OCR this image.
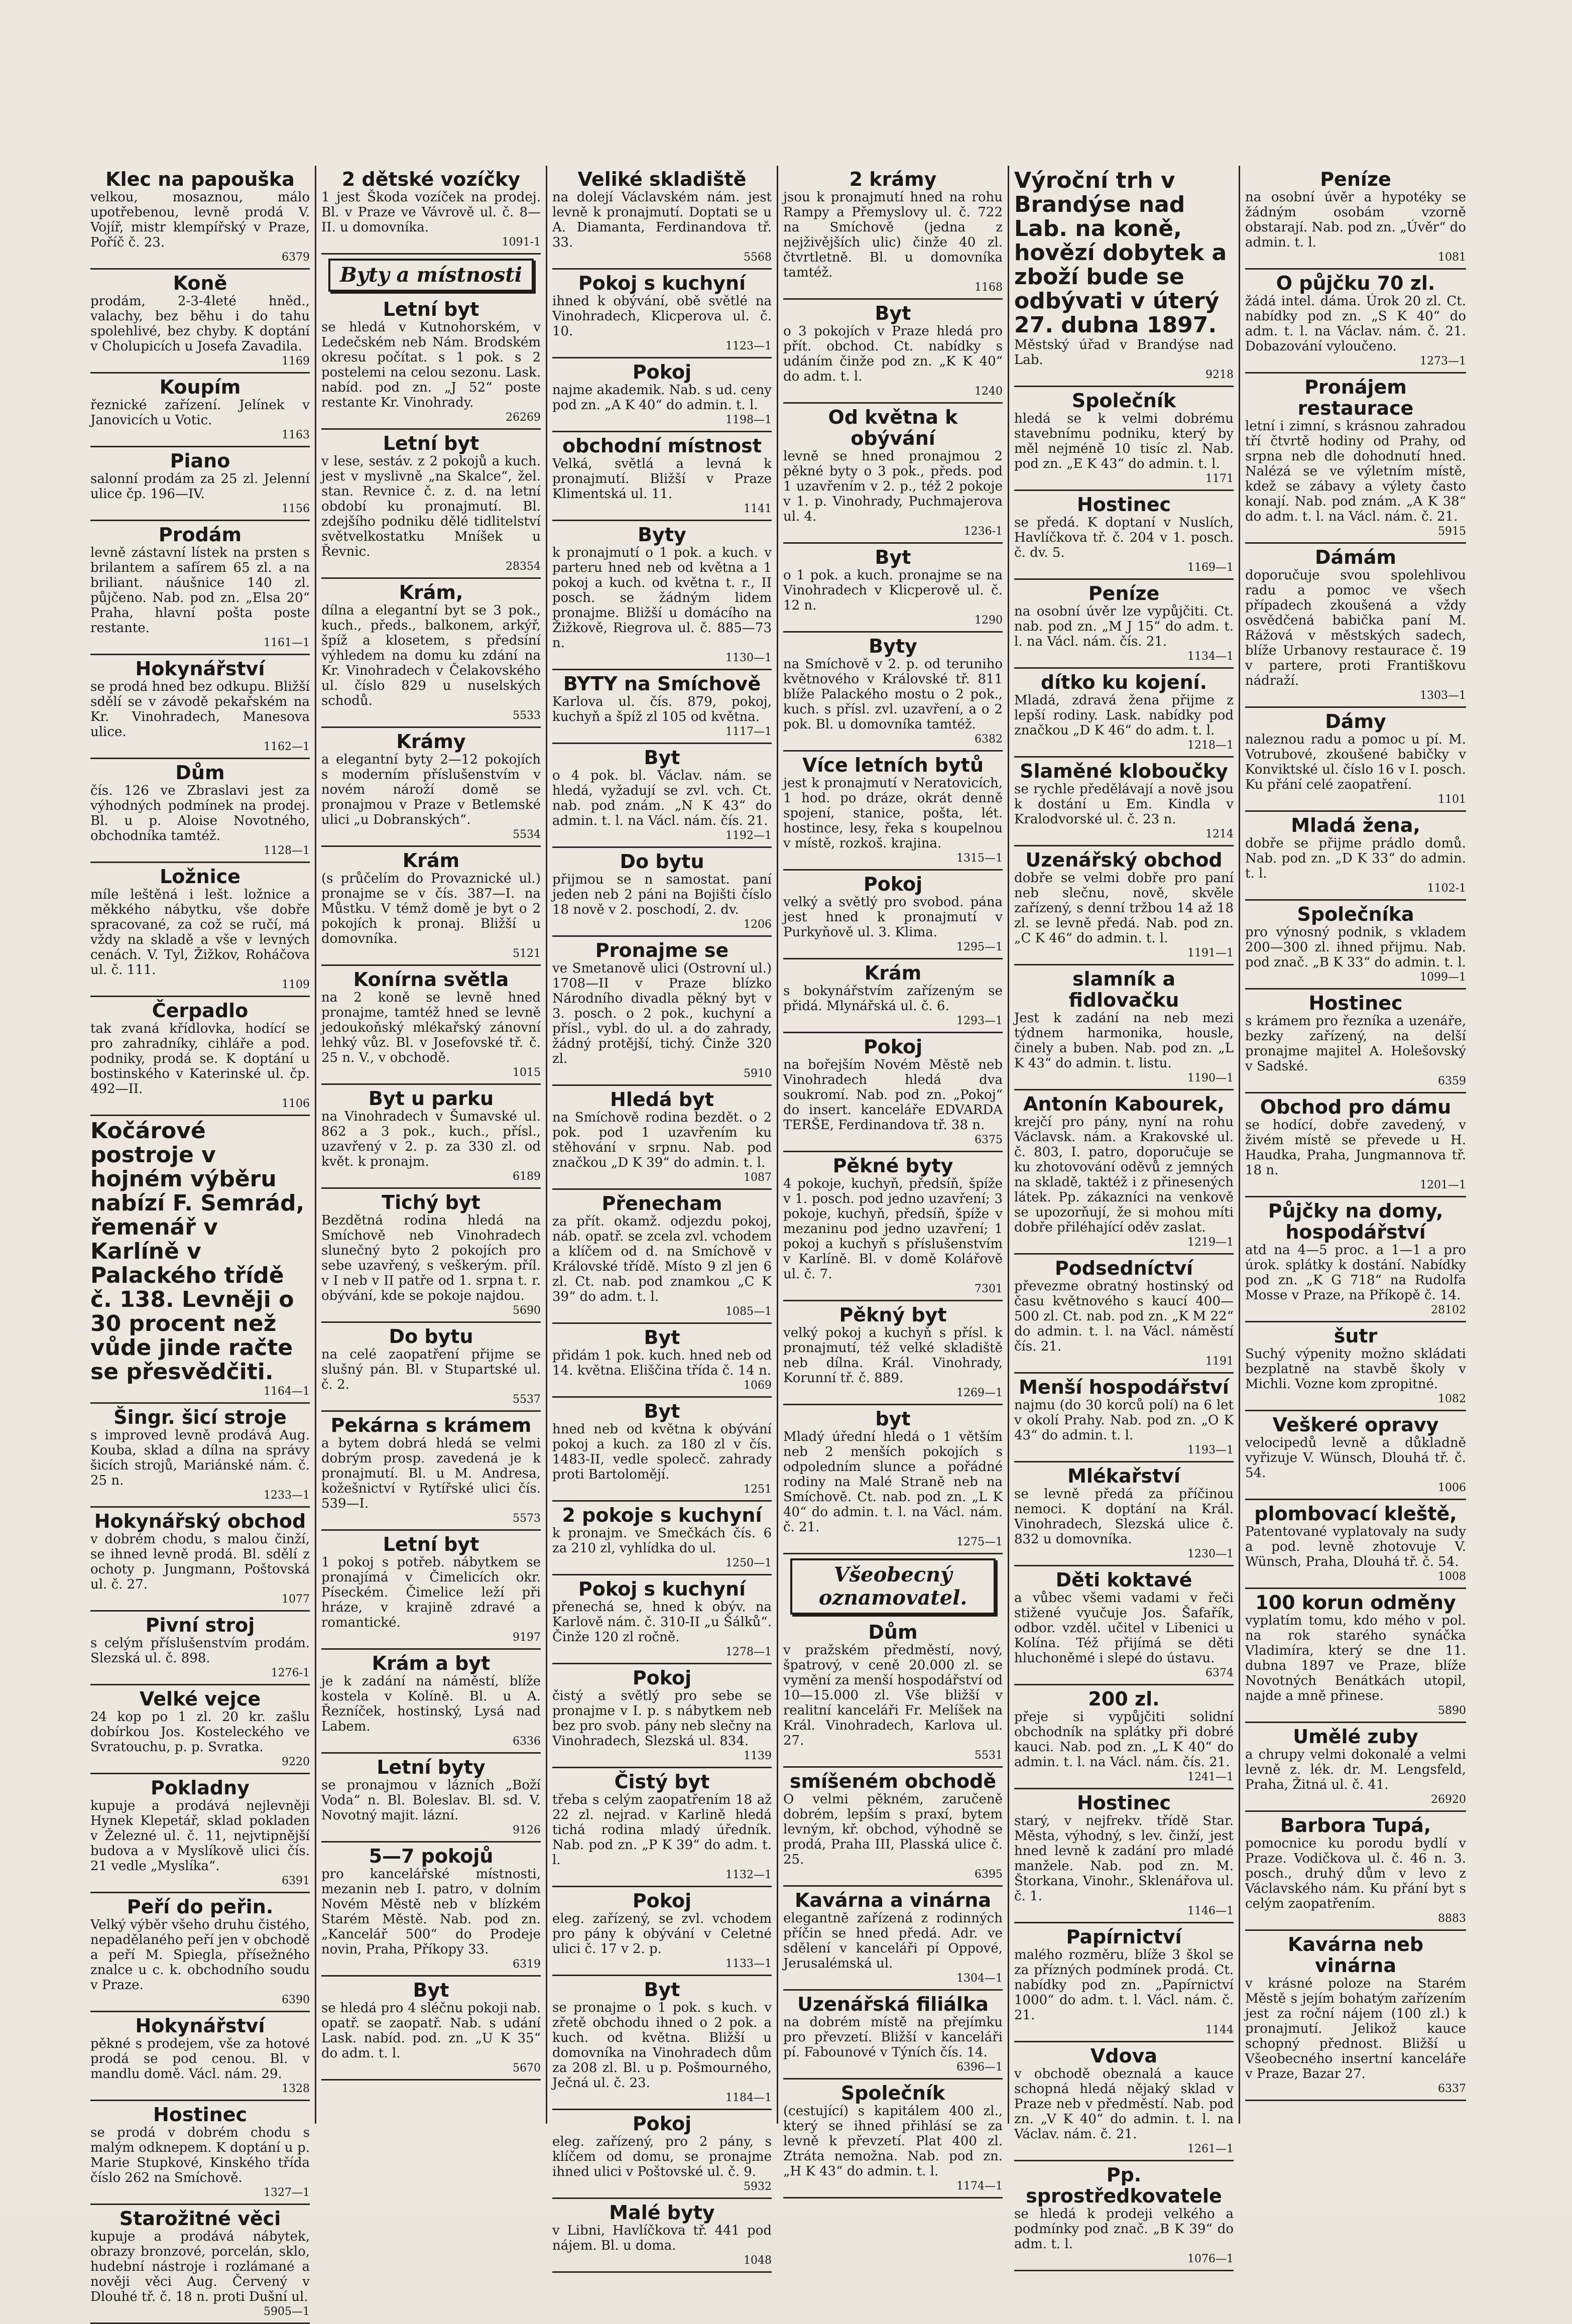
Klec na papouška

velkou, mosaznou, málo upotřebenou, levně prodá V. Vojíř, mistr klempířský v Praze, Poříč č. 23.

6379
Koně

prodám, 2-3-4leté hněd., valachy, bez běhu i do tahu spolehlivé, bez chyby. K doptání v Cholupicích u Josefa Zavadila.

1169
Koupím

řeznické zařízení. Jelínek v Janovicích u Votic.

1163
Piano

salonní prodám za 25 zl. Jelenní ulice čp. 196—IV.

1156
Prodám

levně zástavní lístek na prsten s brilantem a safírem 65 zl. a na briliant. náušnice 140 zl. půjčeno. Nab. pod zn. „Elsa 20“ Praha, hlavní pošta poste restante.

1161—1
Hokynářství

se prodá hned bez odkupu. Bližší sdělí se v závodě pekařském na Kr. Vinohradech, Manesova ulice.

1162—1
Dům

čís. 126 ve Zbraslavi jest za výhodných podmínek na prodej. Bl. u p. Aloise Novotného, obchodníka tamtéž.

1128—1
Ložnice

míle leštěná i lešt. ložnice a měkkého nábytku, vše dobře spracované, za což se ručí, má vždy na skladě a vše v levných cenách. V. Tyl, Žižkov, Roháčova ul. č. 111.

1109
Čerpadlo

tak zvaná křídlovka, hodící se pro zahradníky, cihláře a pod. podniky, prodá se. K doptání u bostinského v Katerinské ul. čp. 492—II.

1106
Kočárové postroje v hojném výběru nabízí F. Semrád, řemenář v Karlíně v Palackého třídě č. 138. Levněji o 30 procent než vůde jinde račte se přesvědčiti.
1164—1
Šingr. šicí stroje

s improved levně prodává Aug. Kouba, sklad a dílna na správy šicích strojů, Mariánské nám. č. 25 n.

1233—1
Hokynářský obchod

v dobrém chodu, s malou činží, se ihned levně prodá. Bl. sdělí z ochoty p. Jungmann, Poštovská ul. č. 27.

1077
Pivní stroj

s celým příslušenstvím prodám. Slezská ul. č. 898.

1276-1
Velké vejce

24 kop po 1 zl. 20 kr. zašlu dobírkou Jos. Kosteleckého ve Svratouchu, p. p. Svratka.

9220
Pokladny

kupuje a prodává nejlevněji Hynek Klepetář, sklad pokladen v Železné ul. č. 11, nejvtipnější budova a v Myslíkově ulici čís. 21 vedle „Myslíka“.

6391
Peří do peřin.

Velký výběr všeho druhu čistého, nepadělaného peří jen v obchodě a peří M. Spiegla, přísežného znalce u c. k. obchodního soudu v Praze.

6390
Hokynářství

pěkné s prodejem, vše za hotové prodá se pod cenou. Bl. v mandlu domě. Václ. nám. 29.

1328
Hostinec

se prodá v dobrém chodu s malým odknepem. K doptání u p. Marie Stupkové, Kinského třída číslo 262 na Smíchově.

1327—1
Starožitné věci

kupuje a prodává nábytek, obrazy bronzové, porcelán, sklo, hudební nástroje i rozlámané a nověji věci Aug. Červený v Dlouhé tř. č. 18 n. proti Dušní ul.

5905—1
2 dětské vozíčky

1 jest Škoda vozíček na prodej. Bl. v Praze ve Vávrově ul. č. 8—II. u domovníka.

1091-1
Byty a místnosti
Letní byt

se hledá v Kutnohorském, v Ledečském neb Nám. Brodském okresu počítat. s 1 pok. s 2 postelemi na celou sezonu. Lask. nabíd. pod zn. „J 52“ poste restante Kr. Vinohrady.

26269
Letní byt

v lese, sestáv. z 2 pokojů a kuch. jest v myslivně „na Skalce“, žel. stan. Revnice č. z. d. na letní období ku pronajmutí. Bl. zdejšího podniku dělé tidlitelství světvelkostatku Mníšek u Řevnic.

28354
Krám,

dílna a elegantní byt se 3 pok., kuch., předs., balkonem, arkýř, špíž a klosetem, s předsíní výhledem na domu ku zdání na Kr. Vinohradech v Čelakovského ul. číslo 829 u nuselských schodů.

5533
Krámy

a elegantní byty 2—12 pokojích s moderním příslušenstvím v novém nároží domě se pronajmou v Praze v Betlemské ulici „u Dobranských“.

5534
Krám

(s průčelím do Provaznické ul.) pronajme se v čís. 387—I. na Můstku. V témž domě je byt o 2 pokojích k pronaj. Bližší u domovníka.

5121
Konírna světla

na 2 koně se levně hned pronajme, tamtéž hned se levně jedoukoňský mlékařský zánovní lehký vůz. Bl. v Josefovské tř. č. 25 n. V., v obchodě.

1015
Byt u parku

na Vinohradech v Šumavské ul. 862 a 3 pok., kuch., přísl., uzavřený v 2. p. za 330 zl. od květ. k pronajm.

6189
Tichý byt

Bezdětná rodina hledá na Smíchově neb Vinohradech slunečný byto 2 pokojích pro sebe uzavřený, s veškerým. příl. v I neb v II patře od 1. srpna t. r. obývání, kde se pokoje najdou.

5690
Do bytu

na celé zaopatření přijme se slušný pán. Bl. v Stupartské ul. č. 2.

5537
Pekárna s krámem

a bytem dobrá hledá se velmi dobrým prosp. zavedená je k pronajmutí. Bl. u M. Andresa, kožešnictví v Rytířské ulici čís. 539—I.

5573
Letní byt

1 pokoj s potřeb. nábytkem se pronajímá v Čimelicích okr. Píseckém. Čimelice leží při hráze, v krajině zdravé a romantické.

9197
Krám a byt

je k zadání na náměstí, blíže kostela v Kolíně. Bl. u A. Řezníček, hostinský, Lysá nad Labem.

6336
Letní byty

se pronajmou v lázních „Boží Voda“ n. Bl. Boleslav. Bl. sd. V. Novotný majit. lázní.

9126
5—7 pokojů

pro kancelářské místnosti, mezanin neb I. patro, v dolním Novém Městě neb v blízkém Starém Městě. Nab. pod zn. „Kancelář 500“ do Prodeje novin, Praha, Příkopy 33.

6319
Byt

se hledá pro 4 sléčnu pokoji nab. opatř. se zaopatř. Nab. s udání Lask. nabíd. pod. zn. „U K 35“ do adm. t. l.

5670
Veliké skladiště

na dolejí Václavském nám. jest levně k pronajmutí. Doptati se u A. Diamanta, Ferdinandova tř. 33.

5568
Pokoj s kuchyní

ihned k obývání, obě světlé na Vinohradech, Klicperova ul. č. 10.

1123—1
Pokoj

najme akademik. Nab. s ud. ceny pod zn. „A K 40“ do admin. t. l.

1198—1
obchodní místnost

Velká, světlá a levná k pronajmutí. Bližší v Praze Klimentská ul. 11.

1141
Byty

k pronajmutí o 1 pok. a kuch. v parteru hned neb od května a 1 pokoj a kuch. od května t. r., II posch. se žádným lidem pronajme. Bližší u domácího na Žižkově, Riegrova ul. č. 885—73 n.

1130—1
BYTY na Smíchově

Karlova ul. čís. 879, pokoj, kuchyň a špíž zl 105 od května.

1117—1
Byt

o 4 pok. bl. Václav. nám. se hledá, vyžadují se zvl. vch. Ct. nab. pod znám. „N K 43“ do admin. t. l. na Václ. nám. čís. 21.

1192—1
Do bytu

přijmou se n samostat. paní jeden neb 2 páni na Bojišti číslo 18 nově v 2. poschodí, 2. dv.

1206
Pronajme se

ve Smetanově ulici (Ostrovní ul.) 1708—II v Praze blízko Národního divadla pěkný byt v 3. posch. o 2 pok., kuchyní a přísl., vybl. do ul. a do zahrady, žádný protější, tichý. Činže 320 zl.

5910
Hledá byt

na Smíchově rodina bezdět. o 2 pok. pod 1 uzavřením ku stěhování v srpnu. Nab. pod značkou „D K 39“ do admin. t. l.

1087
Přenecham

za přít. okamž. odjezdu pokoj, náb. opatř. se zcela zvl. vchodem a klíčem od d. na Smíchově v Královské třídě. Místo 9 zl jen 6 zl. Ct. nab. pod znamkou „C K 39“ do adm. t. l.

1085—1
Byt

přidám 1 pok. kuch. hned neb od 14. května. Eliščina třída č. 14 n.

1069
Byt

hned neb od května k obývání pokoj a kuch. za 180 zl v čís. 1483-II, vedle spolecč. zahrady proti Bartolomějí.

1251
2 pokoje s kuchyní

k pronajm. ve Smečkách čís. 6 za 210 zl, vyhlídka do ul.

1250—1
Pokoj s kuchyní

přenechá se, hned k obýv. na Karlově nám. č. 310-II „u Šálků“. Činže 120 zl ročně.

1278—1
Pokoj

čistý a světlý pro sebe se pronajme v I. p. s nábytkem neb bez pro svob. pány neb slečny na Vinohradech, Slezská ul. 834.

1139
Čistý byt

třeba s celým zaopatřením 18 až 22 zl. nejrad. v Karlině hledá tichá rodina mladý úředník. Nab. pod zn. „P K 39“ do adm. t. l.

1132—1
Pokoj

eleg. zařízený, se zvl. vchodem pro pány k obývání v Celetné ulici č. 17 v 2. p.

1133—1
Byt

se pronajme o 1 pok. s kuch. v zřetě obchodu ihned o 2 pok. a kuch. od května. Bližší u domovníka na Vinohradech dům za 208 zl. Bl. u p. Pošmourného, Ječná ul. č. 23.

1184—1
Pokoj

eleg. zařízený, pro 2 pány, s klíčem od domu, se pronajme ihned ulici v Poštovské ul. č. 9.

5932
Malé byty

v Libni, Havlíčkova tř. 441 pod nájem. Bl. u doma.

1048
2 krámy

jsou k pronajmutí hned na rohu Rampy a Přemyslovy ul. č. 722 na Smíchově (jedna z nejživějších ulic) činže 40 zl. čtvrtletně. Bl. u domovníka tamtéž.

1168
Byt

o 3 pokojích v Praze hledá pro přít. obchod. Ct. nabídky s udáním činže pod zn. „K K 40“ do adm. t. l.

1240
Od května k obývání

levně se hned pronajmou 2 pěkné byty o 3 pok., předs. pod 1 uzavřením v 2. p., též 2 pokoje v 1. p. Vinohrady, Puchmajerova ul. 4.

1236-1
Byt

o 1 pok. a kuch. pronajme se na Vinohradech v Klicperově ul. č. 12 n.

1290
Byty

na Smíchově v 2. p. od teruniho květnového v Královské tř. 811 blíže Palackého mostu o 2 pok., kuch. s přísl. zvl. uzavření, a o 2 pok. Bl. u domovníka tamtéž.

6382
Více letních bytů

jest k pronajmutí v Neratovicích, 1 hod. po dráze, okrát denně spojení, stanice, pošta, lét. hostince, lesy, řeka s koupelnou v místě, rozkoš. krajina.

1315—1
Pokoj

velký a světlý pro svobod. pána jest hned k pronajmutí v Purkyňově ul. 3. Klima.

1295—1
Krám

s bokynářstvím zařízeným se přidá. Mlynářská ul. č. 6.

1293—1
Pokoj

na bořejším Novém Městě neb Vinohradech hledá dva soukromí. Nab. pod zn. „Pokoj“ do insert. kanceláře EDVARDA TERŠE, Ferdinandova tř. 38 n.

6375
Pěkné byty

4 pokoje, kuchyň, předsíň, špíže v 1. posch. pod jedno uzavření; 3 pokoje, kuchyň, předsíň, špíže v mezaninu pod jedno uzavření; 1 pokoj a kuchyň s příslušenstvím v Karlíně. Bl. v domě Kolářově ul. č. 7.

7301
Pěkný byt

velký pokoj a kuchyň s přísl. k pronajmutí, též velké skladiště neb dílna. Král. Vinohrady, Korunní tř. č. 889.

1269—1
byt

Mladý úřední hledá o 1 větším neb 2 menších pokojích s odpoledním slunce a pořádné rodiny na Malé Straně neb na Smíchově. Ct. nab. pod zn. „L K 40“ do admin. t. l. na Václ. nám. č. 21.

1275—1
Všeobecný oznamovatel.
Dům

v pražském předměstí, nový, špatrový, v ceně 20.000 zl. se vymění za menší hospodářství od 10—15.000 zl. Vše bližší v realitní kanceláři Fr. Melíšek na Král. Vinohradech, Karlova ul. 27.

5531
smíšeném obchodě

O velmi pěkném, zaručeně dobrém, lepším s praxí, bytem levným, kř. obchod, výhodně se prodá, Praha III, Plasská ulice č. 25.

6395
Kavárna a vinárna

elegantně zařízená z rodinných příčin se hned předá. Adr. ve sdělení v kanceláři pí Oppové, Jerusalémská ul.

1304—1
Uzenářská filiálka

na dobrém místě na přejímku pro převzetí. Bližší v kanceláři pí. Fabounové v Týních čís. 14.

6396—1
Společník

(cestující) s kapitálem 400 zl., který se ihned přihlásí se za levně k převzetí. Plat 400 zl. Ztráta nemožna. Nab. pod zn. „H K 43“ do admin. t. l.

1174—1
Výroční trh v Brandýse nad Lab. na koně, hovězí dobytek a zboží bude se odbývati v úterý 27. dubna 1897.

Městský úřad v Brandýse nad Lab.

9218
Společník

hledá se k velmi dobrému stavebnímu podniku, který by měl nejméně 10 tisíc zl. Nab. pod zn. „E K 43“ do admin. t. l.

1171
Hostinec

se předá. K doptaní v Nuslích, Havlíčkova tř. č. 204 v 1. posch. č. dv. 5.

1169—1
Peníze

na osobní úvěr lze vypůjčiti. Ct. nab. pod zn. „M J 15“ do adm. t. l. na Václ. nám. čís. 21.

1134—1
dítko ku kojení.

Mladá, zdravá žena přijme z lepší rodiny. Lask. nabídky pod značkou „D K 46“ do adm. t. l.

1218—1
Slaměné kloboučky

se rychle předělávají a nově jsou k dostání u Em. Kindla v Kralodvorské ul. č. 23 n.

1214
Uzenářský obchod

dobře se velmi dobře pro paní neb slečnu, nově, skvěle zařízený, s denní tržbou 14 až 18 zl. se levně předá. Nab. pod zn. „C K 46“ do admin. t. l.

1191—1
slamník a fidlovačku

Jest k zadání na neb mezi týdnem harmonika, housle, činely a buben. Nab. pod zn. „L K 43“ do admin. t. listu.

1190—1
Antonín Kabourek,

krejčí pro pány, nyní na rohu Václavsk. nám. a Krakovské ul. č. 803, I. patro, doporučuje se ku zhotovování oděvů z jemných na skladě, taktéž i z přinesených látek. Pp. zákazníci na venkově se upozorňují, že si mohou míti dobře přiléhající oděv zaslat.

1219—1
Podsedníctví

převezme obratný hostinský od času květnového s kaucí 400—500 zl. Ct. nab. pod zn. „K M 22“ do admin. t. l. na Václ. náměstí čís. 21.

1191
Menší hospodářství

najmu (do 30 korců polí) na 6 let v okolí Prahy. Nab. pod zn. „O K 43“ do admin. t. l.

1193—1
Mlékařství

se levně předá za příčinou nemoci. K doptání na Král. Vinohradech, Slezská ulice č. 832 u domovníka.

1230—1
Děti koktavé

a vůbec všemi vadami v řeči stižené vyučuje Jos. Šafařík, odbor. vzděl. učitel v Libenici u Kolína. Též přijímá se děti hluchoněmé i slepé do ústavu.

6374
200 zl.

přeje si vypůjčiti solidní obchodník na splátky při dobré kauci. Nab. pod zn. „L K 40“ do admin. t. l. na Václ. nám. čís. 21.

1241—1
Hostinec

starý, v nejfrekv. třídě Star. Města, výhodný, s lev. činží, jest hned levně k zadání pro mladé manžele. Nab. pod zn. M. Štorkana, Vinohr., Sklenářova ul. č. 1.

1146—1
Papírnictví

malého rozměru, blíže 3 škol se za přízných podmínek prodá. Ct. nabídky pod zn. „Papírnictví 1000“ do adm. t. l. Václ. nám. č. 21.

1144
Vdova

v obchodě obeznalá a kauce schopná hledá nějaký sklad v Praze neb v předměstí. Nab. pod zn. „V K 40“ do admin. t. l. na Václav. nám. č. 21.

1261—1
Pp. sprostředkovatele

se hledá k prodeji velkého a podmínky pod znač. „B K 39“ do adm. t. l.

1076—1
Peníze

na osobní úvěr a hypotéky se žádným osobám vzorně obstarají. Nab. pod zn. „Úvěr“ do admin. t. l.

1081
O půjčku 70 zl.

žádá intel. dáma. Úrok 20 zl. Ct. nabídky pod zn. „S K 40“ do adm. t. l. na Václav. nám. č. 21. Dobazování vyloučeno.

1273—1
Pronájem restaurace

letní i zimní, s krásnou zahradou tří čtvrtě hodiny od Prahy, od srpna neb dle dohodnutí hned. Nalézá se ve výletním místě, kdež se zábavy a výlety často konají. Nab. pod znám. „A K 38“ do adm. t. l. na Václ. nám. č. 21.

5915
Dámám

doporučuje svou spolehlivou radu a pomoc ve všech případech zkoušená a vždy osvědčená babička paní M. Rážová v městských sadech, blíže Urbanovy restaurace č. 19 v partere, proti Františkovu nádraží.

1303—1
Dámy

naleznou radu a pomoc u pí. M. Votrubové, zkoušené babičky v Konviktské ul. číslo 16 v I. posch. Ku přání celé zaopatření.

1101
Mladá žena,

dobře se přijme prádlo domů. Nab. pod zn. „D K 33“ do admin. t. l.

1102-1
Společníka

pro výnosný podnik, s vkladem 200—300 zl. ihned přijmu. Nab. pod znač. „B K 33“ do admin. t. l.

1099—1
Hostinec

s krámem pro řezníka a uzenáře, bezky zařízený, na delší pronajme majitel A. Holešovský v Sadské.

6359
Obchod pro dámu

se hodící, dobře zavedený, v živém místě se převede u H. Haudka, Praha, Jungmannova tř. 18 n.

1201—1
Půjčky na domy, hospodářství

atd na 4—5 proc. a 1—1 a pro úrok. splátky k dostání. Nabídky pod zn. „K G 718“ na Rudolfa Mosse v Praze, na Příkopě č. 14.

28102
šutr

Suchý výpenity možno skládati bezplatně na stavbě školy v Michli. Vozne kom zpropitné.

1082
Veškeré opravy

velocipedů levně a důkladně vyřizuje V. Wünsch, Dlouhá tř. č. 54.

1006
plombovací kleště,

Patentované vyplatovaly na sudy a pod. levně zhotovuje V. Wünsch, Praha, Dlouhá tř. č. 54.

1008
100 korun odměny

vyplatím tomu, kdo mého v pol. na rok starého synáčka Vladimíra, který se dne 11. dubna 1897 ve Praze, blíže Novotných Benátkách utopil, najde a mně přinese.

5890
Umělé zuby

a chrupy velmi dokonalé a velmi levně z. lék. dr. M. Lengsfeld, Praha, Žitná ul. č. 41.

26920
Barbora Tupá,

pomocnice ku porodu bydlí v Praze. Vodičkova ul. č. 46 n. 3. posch., druhý dům v levo z Václavského nám. Ku přání byt s celým zaopatřením.

8883
Kavárna neb vinárna

v krásné poloze na Starém Městě s jejím bohatým zařízením jest za roční nájem (100 zl.) k pronajmutí. Jelikož kauce schopný přednost. Bližší u Všeobecného insertní kanceláře v Praze, Bazar 27.

6337
